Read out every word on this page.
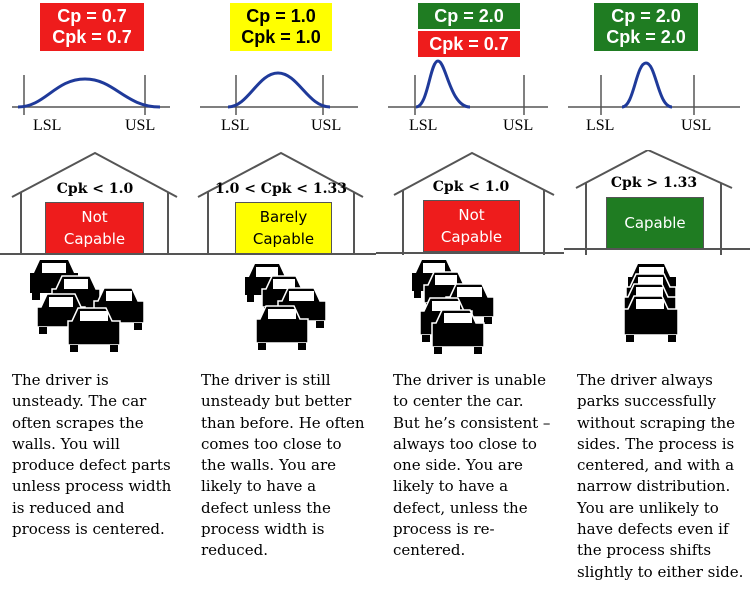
Cp = 0.7
Cpk = 0.7
LSL	USL
Cpk < 1.0
Not
Capable

The driver is unsteady. The car often scrapes the walls. You will produce defect parts unless process width is reduced and process is centered.

Cp = 1.0
Cpk = 1.0
LSL	USL
1.0 < Cpk < 1.33
Barely
Capable

The driver is still unsteady but better than before. He often comes too close to the walls. You are likely to have a defect unless the process width is reduced.

Cp = 2.0
Cpk = 0.7
LSL	USL
Cpk < 1.0
Not
Capable

The driver is unable to center the car. But he’s consistent – always too close to one side. You are likely to have a defect, unless the process is re-centered.

Cp = 2.0
Cpk = 2.0
LSL	USL
Cpk > 1.33
Capable

The driver always parks successfully without scraping the sides. The process is centered, and with a narrow distribution. You are unlikely to have defects even if the process shifts slightly to either side.
